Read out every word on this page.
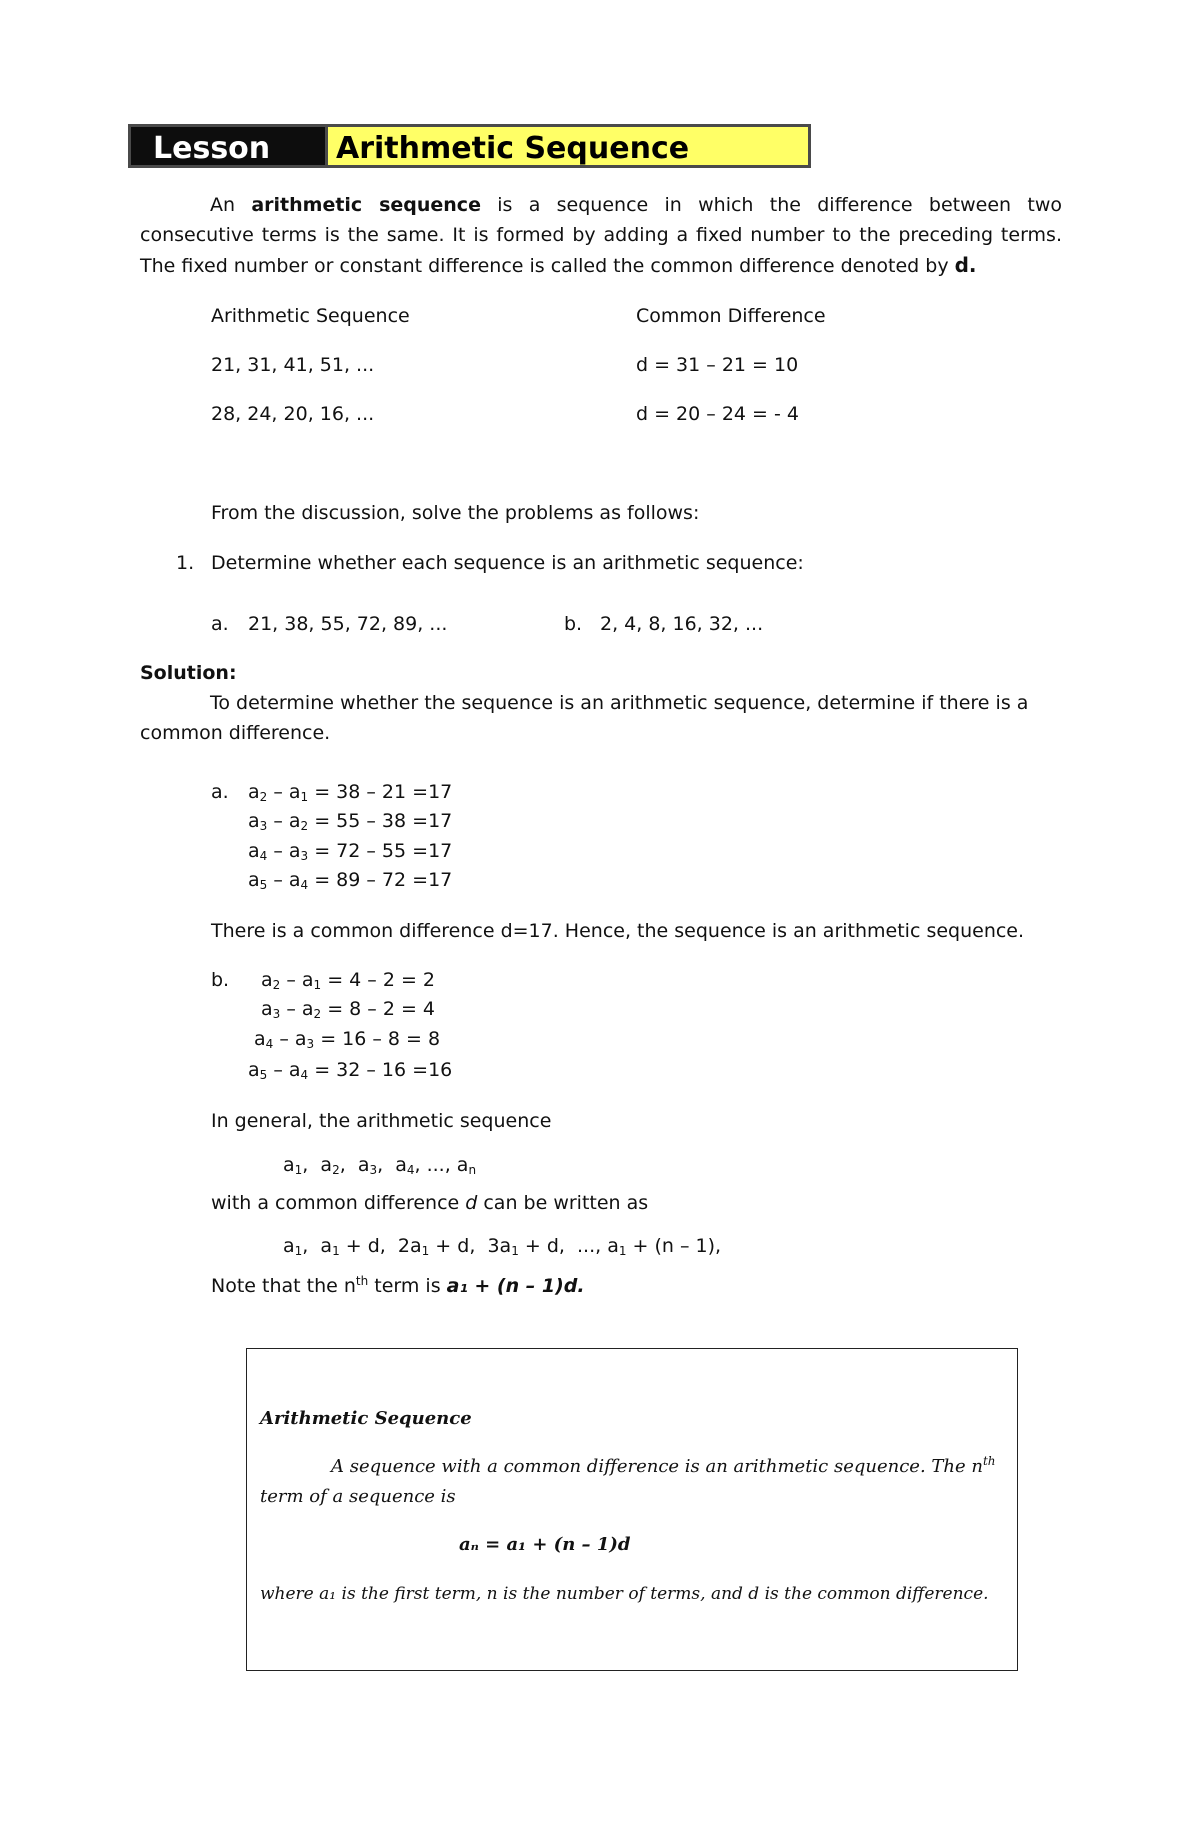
Lesson 2.1
Arithmetic Sequence
An arithmetic sequence is a sequence in which the difference between two consecutive terms is the same. It is formed by adding a fixed number to the preceding terms. The fixed number or constant difference is called the common difference denoted by d.
Arithmetic Sequence	Common Difference
21, 31, 41, 51, ...	d = 31 – 21 = 10
28, 24, 20, 16, ...	d = 20 – 24 = - 4
From the discussion, solve the problems as follows:
1. Determine whether each sequence is an arithmetic sequence:
a. 21, 38, 55, 72, 89, ...	b. 2, 4, 8, 16, 32, ...
Solution:
To determine whether the sequence is an arithmetic sequence, determine if there is a common difference.
a. $a_2 - a_1 = 38 - 21 =17$
$a_3 - a_2 = 55 - 38 =17$
$a_4 - a_3 = 72 - 55 =17$
$a_5 - a_4 = 89 - 72 =17$
There is a common difference d=17. Hence, the sequence is an arithmetic sequence.
b. $a_2 - a_1 = 4 - 2 = 2$
$a_3 - a_2 = 8 - 2 = 4$
$a_4 - a_3 = 16 - 8 = 8$
$a_5 - a_4 = 32 - 16 =16$
In general, the arithmetic sequence
$a_1$,  $a_2$,  $a_3$,  $a_4$, ..., $a_n$
with a common difference d can be written as
$a_1$,  $a_1 + d$,  $2a_1 + d$,  $3a_1 + d$,  ..., $a_1 + (n - 1)$,
Note that the $n^{th}$ term is a₁ + (n – 1)d.
Arithmetic Sequence
A sequence with a common difference is an arithmetic sequence. The $n^{th}$
term of a sequence is
aₙ = a₁ + (n – 1)d
where a₁ is the first term, n is the number of terms, and d is the common difference.
